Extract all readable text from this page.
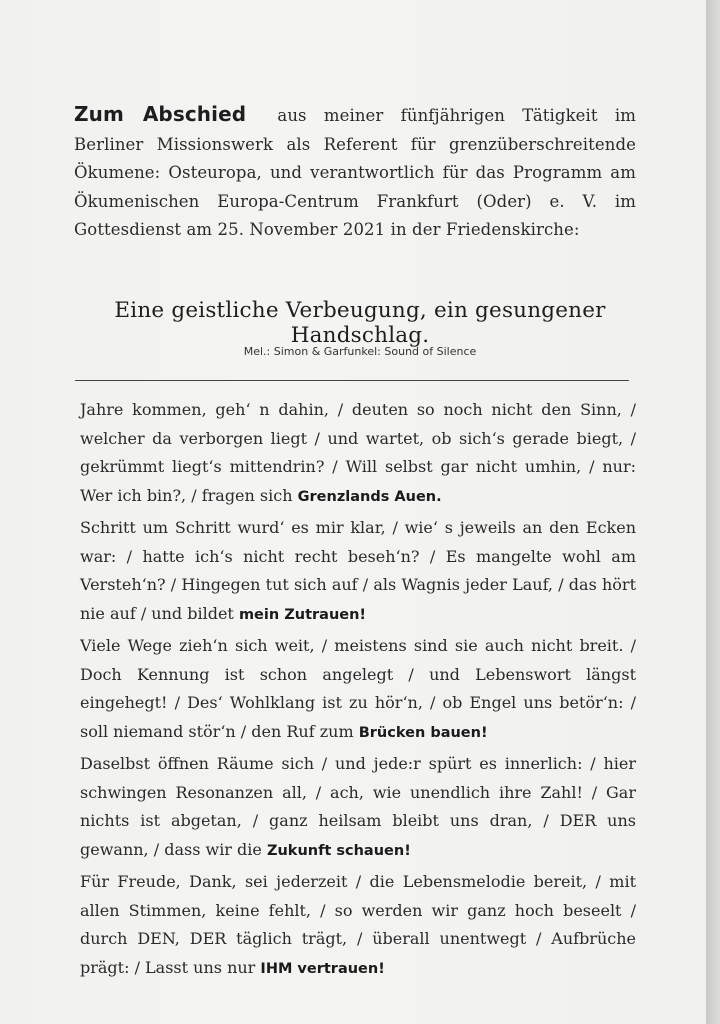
Zum Abschied aus meiner fünfjährigen Tätigkeit im Berliner Missionswerk als Referent für grenzüberschreitende Ökumene: Osteuropa, und verantwortlich für das Programm am Ökumenischen Europa-Centrum Frankfurt (Oder) e. V. im Gottesdienst am 25. November 2021 in der Friedenskirche:
Eine geistliche Verbeugung, ein gesungener Handschlag.
Mel.: Simon & Garfunkel: Sound of Silence
Jahre kommen, geh‘ n dahin, / deuten so noch nicht den Sinn, / welcher da verborgen liegt / und wartet, ob sich‘s gerade biegt, / gekrümmt liegt‘s mittendrin? / Will selbst gar nicht umhin, / nur: Wer ich bin?, / fragen sich Grenzlands Auen.
Schritt um Schritt wurd‘ es mir klar, / wie‘ s jeweils an den Ecken war: / hatte ich‘s nicht recht beseh‘n? / Es mangelte wohl am Versteh‘n? / Hingegen tut sich auf / als Wagnis jeder Lauf, / das hört nie auf / und bildet mein Zutrauen!
Viele Wege zieh‘n sich weit, / meistens sind sie auch nicht breit. / Doch Kennung ist schon angelegt / und Lebenswort längst eingehegt! / Des‘ Wohlklang ist zu hör‘n, / ob Engel uns betör‘n: / soll niemand stör‘n / den Ruf zum Brücken bauen!
Daselbst öffnen Räume sich / und jede:r spürt es innerlich: / hier schwingen Resonanzen all, / ach, wie unendlich ihre Zahl! / Gar nichts ist abgetan, / ganz heilsam bleibt uns dran, / DER uns gewann, / dass wir die Zukunft schauen!
Für Freude, Dank, sei jederzeit / die Lebensmelodie bereit, / mit allen Stimmen, keine fehlt, / so werden wir ganz hoch beseelt / durch DEN, DER täglich trägt, / überall unentwegt / Aufbrüche prägt: / Lasst uns nur IHM vertrauen!
